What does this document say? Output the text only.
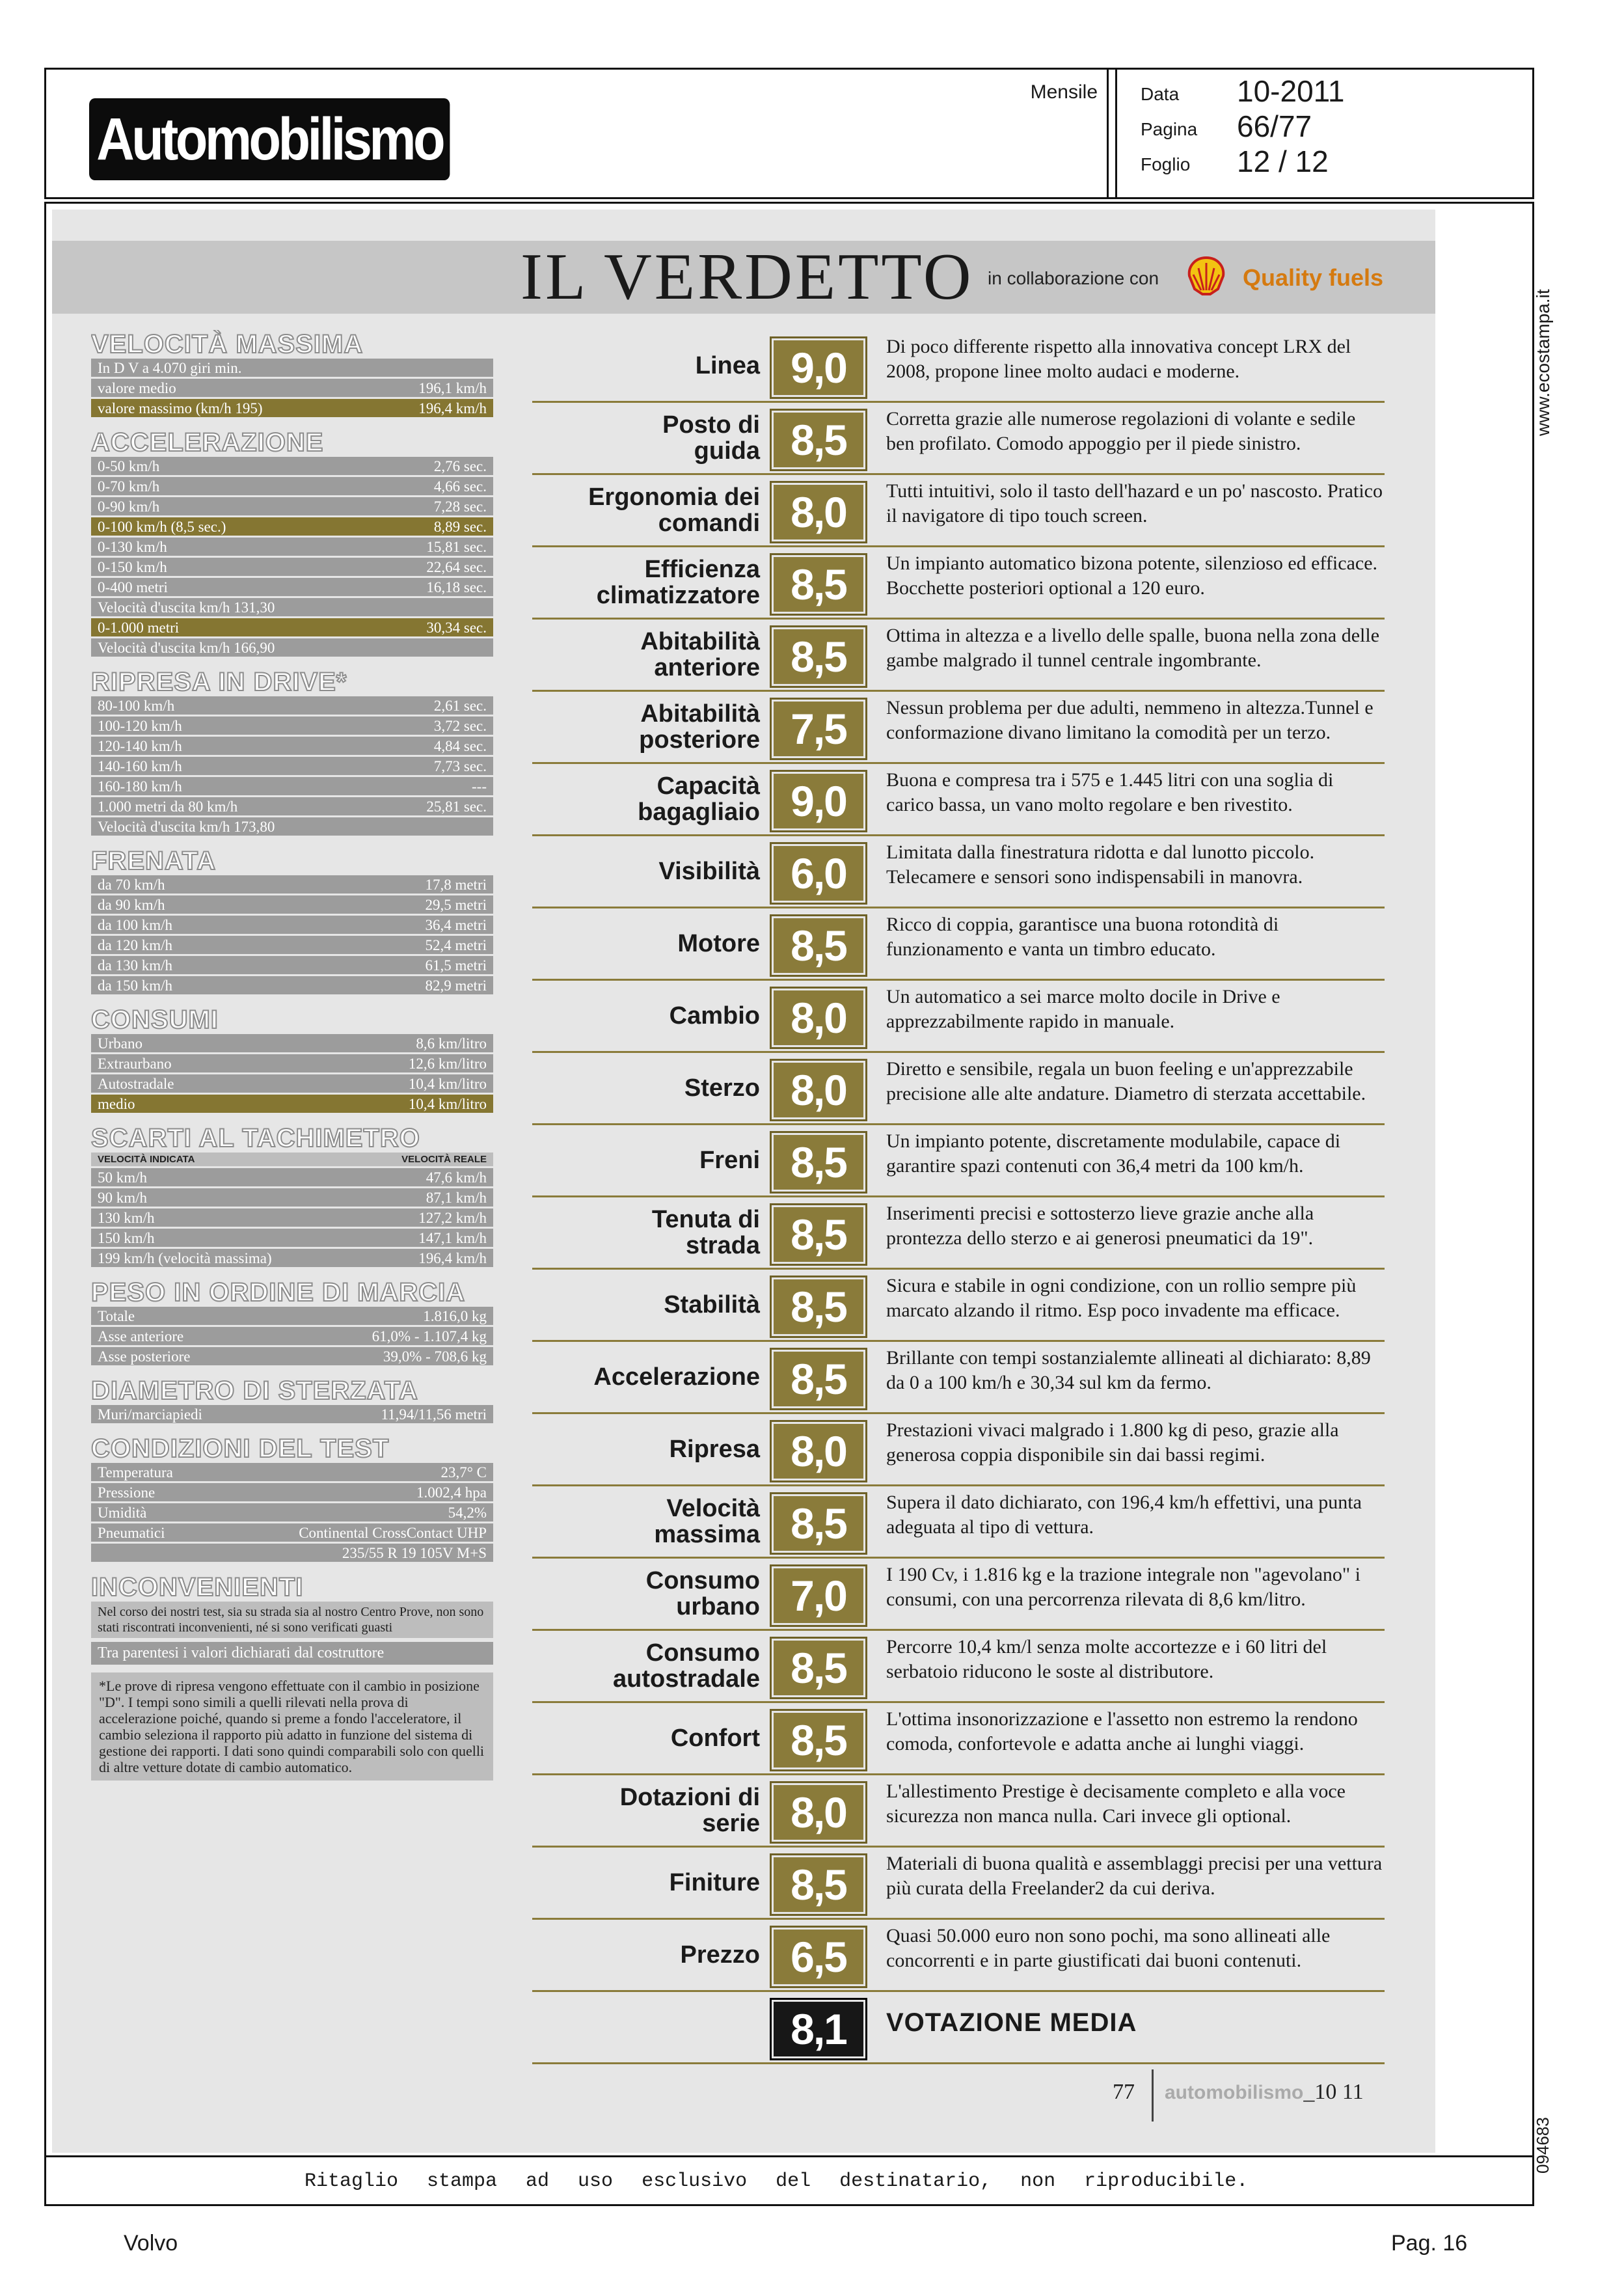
Automobilismo
Mensile Data 10-2011
Pagina 66/77
Foglio 12 / 12
www.ecostampa.it
094683
IL VERDETTO in collaborazione con	Quality fuels
VELOCITÀ MASSIMA
In D V a 4.070 giri min.
valore medio	196,1 km/h
valore massimo (km/h 195)	196,4 km/h
ACCELERAZIONE
0-50 km/h	2,76 sec.
0-70 km/h	4,66 sec.
0-90 km/h	7,28 sec.
0-100 km/h (8,5 sec.)	8,89 sec.
0-130 km/h	15,81 sec.
0-150 km/h	22,64 sec.
0-400 metri	16,18 sec.
Velocità d'uscita km/h 131,30
0-1.000 metri	30,34 sec.
Velocità d'uscita km/h 166,90
RIPRESA IN DRIVE*
80-100 km/h	2,61 sec.
100-120 km/h	3,72 sec.
120-140 km/h	4,84 sec.
140-160 km/h	7,73 sec.
160-180 km/h	---
1.000 metri da 80 km/h	25,81 sec.
Velocità d'uscita km/h 173,80
FRENATA
da 70 km/h	17,8 metri
da 90 km/h	29,5 metri
da 100 km/h	36,4 metri
da 120 km/h	52,4 metri
da 130 km/h	61,5 metri
da 150 km/h	82,9 metri
CONSUMI
Urbano	8,6 km/litro
Extraurbano	12,6 km/litro
Autostradale	10,4 km/litro
medio	10,4 km/litro
SCARTI AL TACHIMETRO
VELOCITÀ INDICATA	VELOCITÀ REALE
50 km/h	47,6 km/h
90 km/h	87,1 km/h
130 km/h	127,2 km/h
150 km/h	147,1 km/h
199 km/h (velocità massima)	196,4 km/h
PESO IN ORDINE DI MARCIA
Totale	1.816,0 kg
Asse anteriore	61,0% - 1.107,4 kg
Asse posteriore	39,0% - 708,6 kg
DIAMETRO DI STERZATA
Muri/marciapiedi	11,94/11,56 metri
CONDIZIONI DEL TEST
Temperatura	23,7° C
Pressione	1.002,4 hpa
Umidità	54,2%
Pneumatici	Continental CrossContact UHP
235/55 R 19 105V M+S
INCONVENIENTI
Nel corso dei nostri test, sia su strada sia al nostro Centro Prove, non sono stati riscontrati inconvenienti, né si sono verificati guasti
Tra parentesi i valori dichiarati dal costruttore
*Le prove di ripresa vengono effettuate con il cambio in posizione "D". I tempi sono simili a quelli rilevati nella prova di accelerazione poiché, quando si preme a fondo l'acceleratore, il cambio seleziona il rapporto più adatto in funzione del sistema di gestione dei rapporti. I dati sono quindi comparabili solo con quelli di altre vetture dotate di cambio automatico.
Linea 9,0	Di poco differente rispetto alla innovativa concept LRX del 2008, propone linee molto audaci e moderne.
Posto di
guida 8,5	Corretta grazie alle numerose regolazioni di volante e sedile ben profilato. Comodo appoggio per il piede sinistro.
Ergonomia dei
comandi 8,0	Tutti intuitivi, solo il tasto dell'hazard e un po' nascosto. Pratico il navigatore di tipo touch screen.
Efficienza
climatizzatore 8,5	Un impianto automatico bizona potente, silenzioso ed efficace. Bocchette posteriori optional a 120 euro.
Abitabilità
anteriore 8,5	Ottima in altezza e a livello delle spalle, buona nella zona delle gambe malgrado il tunnel centrale ingombrante.
Abitabilità
posteriore 7,5	Nessun problema per due adulti, nemmeno in altezza.Tunnel e conformazione divano limitano la comodità per un terzo.
Capacità
bagagliaio 9,0	Buona e compresa tra i 575 e 1.445 litri con una soglia di carico bassa, un vano molto regolare e ben rivestito.
Visibilità 6,0	Limitata dalla finestratura ridotta e dal lunotto piccolo. Telecamere e sensori sono indispensabili in manovra.
Motore 8,5	Ricco di coppia, garantisce una buona rotondità di funzionamento e vanta un timbro educato.
Cambio 8,0	Un automatico a sei marce molto docile in Drive e apprezzabilmente rapido in manuale.
Sterzo 8,0	Diretto e sensibile, regala un buon feeling e un'apprezzabile precisione alle alte andature. Diametro di sterzata accettabile.
Freni 8,5	Un impianto potente, discretamente modulabile, capace di garantire spazi contenuti con 36,4 metri da 100 km/h.
Tenuta di
strada 8,5	Inserimenti precisi e sottosterzo lieve grazie anche alla prontezza dello sterzo e ai generosi pneumatici da 19".
Stabilità 8,5	Sicura e stabile in ogni condizione, con un rollio sempre più marcato alzando il ritmo. Esp poco invadente ma efficace.
Accelerazione 8,5	Brillante con tempi sostanzialemte allineati al dichiarato: 8,89 da 0 a 100 km/h e 30,34 sul km da fermo.
Ripresa 8,0	Prestazioni vivaci malgrado i 1.800 kg di peso, grazie alla generosa coppia disponibile sin dai bassi regimi.
Velocità
massima 8,5	Supera il dato dichiarato, con 196,4 km/h effettivi, una punta adeguata al tipo di vettura.
Consumo
urbano 7,0	I 190 Cv, i 1.816 kg e la trazione integrale non "agevolano" i consumi, con una percorrenza rilevata di 8,6 km/litro.
Consumo
autostradale 8,5	Percorre 10,4 km/l senza molte accortezze e i 60 litri del serbatoio riducono le soste al distributore.
Confort 8,5	L'ottima insonorizzazione e l'assetto non estremo la rendono comoda, confortevole e adatta anche ai lunghi viaggi.
Dotazioni di
serie 8,0	L'allestimento Prestige è decisamente completo e alla voce sicurezza non manca nulla. Cari invece gli optional.
Finiture 8,5	Materiali di buona qualità e assemblaggi precisi per una vettura più curata della Freelander2 da cui deriva.
Prezzo 6,5	Quasi 50.000 euro non sono pochi, ma sono allineati alle concorrenti e in parte giustificati dai buoni contenuti.
8,1	VOTAZIONE MEDIA
77 automobilismo_10 11
Ritaglio stampa ad uso esclusivo del destinatario, non riproducibile.
Volvo	Pag. 16
